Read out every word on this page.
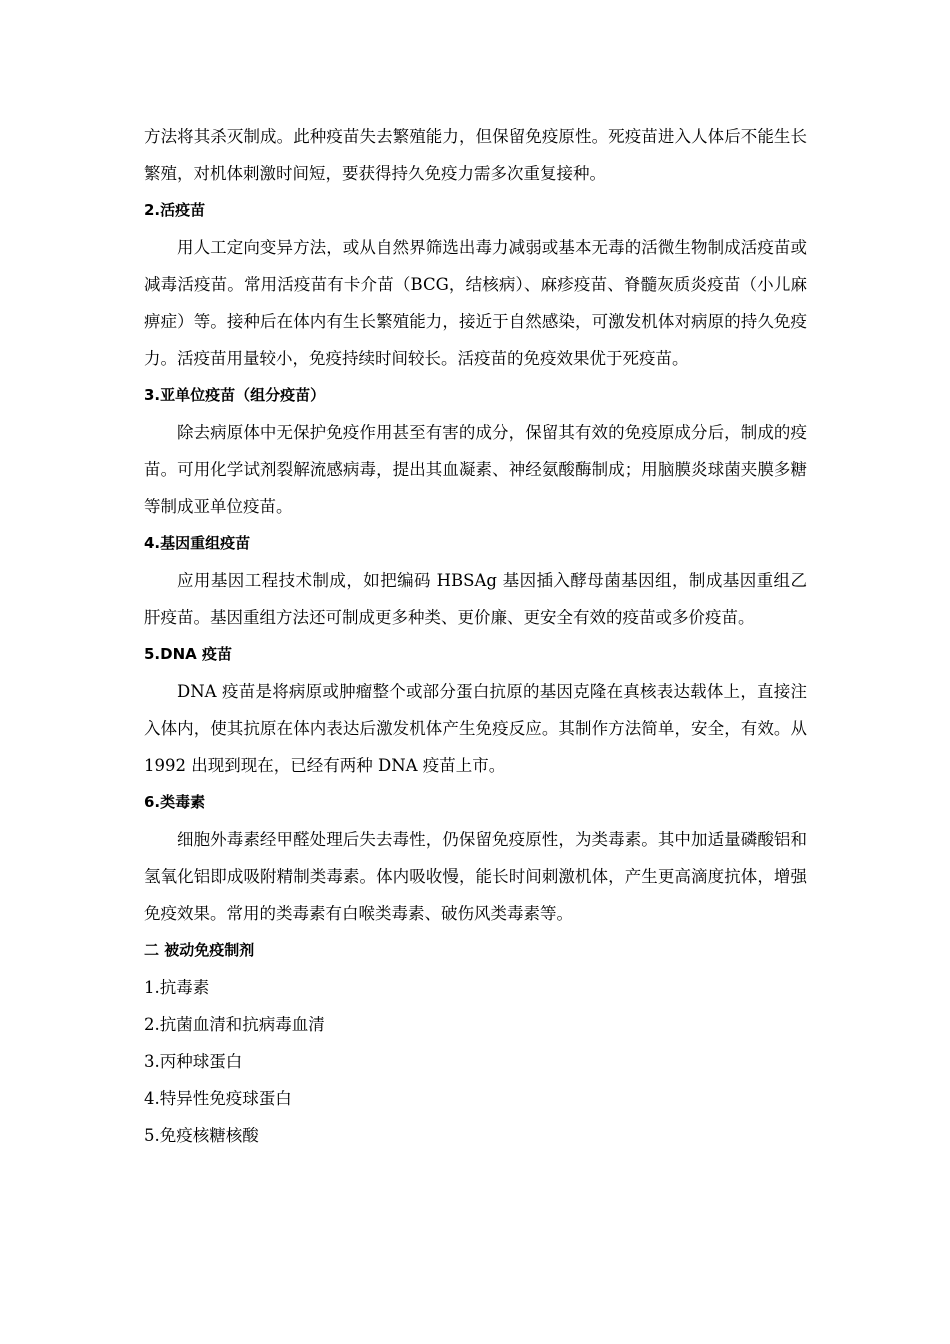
方法将其杀灭制成。此种疫苗失去繁殖能力，但保留免疫原性。死疫苗进入人体后不能生长繁殖，对机体刺激时间短，要获得持久免疫力需多次重复接种。

2.活疫苗

用人工定向变异方法，或从自然界筛选出毒力减弱或基本无毒的活微生物制成活疫苗或减毒活疫苗。常用活疫苗有卡介苗（BCG，结核病）、麻疹疫苗、脊髓灰质炎疫苗（小儿麻痹症）等。接种后在体内有生长繁殖能力，接近于自然感染，可激发机体对病原的持久免疫力。活疫苗用量较小，免疫持续时间较长。活疫苗的免疫效果优于死疫苗。

3.亚单位疫苗（组分疫苗）

除去病原体中无保护免疫作用甚至有害的成分，保留其有效的免疫原成分后，制成的疫苗。可用化学试剂裂解流感病毒，提出其血凝素、神经氨酸酶制成；用脑膜炎球菌夹膜多糖等制成亚单位疫苗。

4.基因重组疫苗

应用基因工程技术制成，如把编码 HBSAg 基因插入酵母菌基因组，制成基因重组乙肝疫苗。基因重组方法还可制成更多种类、更价廉、更安全有效的疫苗或多价疫苗。

5.DNA 疫苗

DNA 疫苗是将病原或肿瘤整个或部分蛋白抗原的基因克隆在真核表达载体上，直接注入体内，使其抗原在体内表达后激发机体产生免疫反应。其制作方法简单，安全，有效。从 1992 出现到现在，已经有两种 DNA 疫苗上市。

6.类毒素

细胞外毒素经甲醛处理后失去毒性，仍保留免疫原性，为类毒素。其中加适量磷酸铝和氢氧化铝即成吸附精制类毒素。体内吸收慢，能长时间刺激机体，产生更高滴度抗体，增强免疫效果。常用的类毒素有白喉类毒素、破伤风类毒素等。

二 被动免疫制剂

1.抗毒素

2.抗菌血清和抗病毒血清

3.丙种球蛋白

4.特异性免疫球蛋白

5.免疫核糖核酸
